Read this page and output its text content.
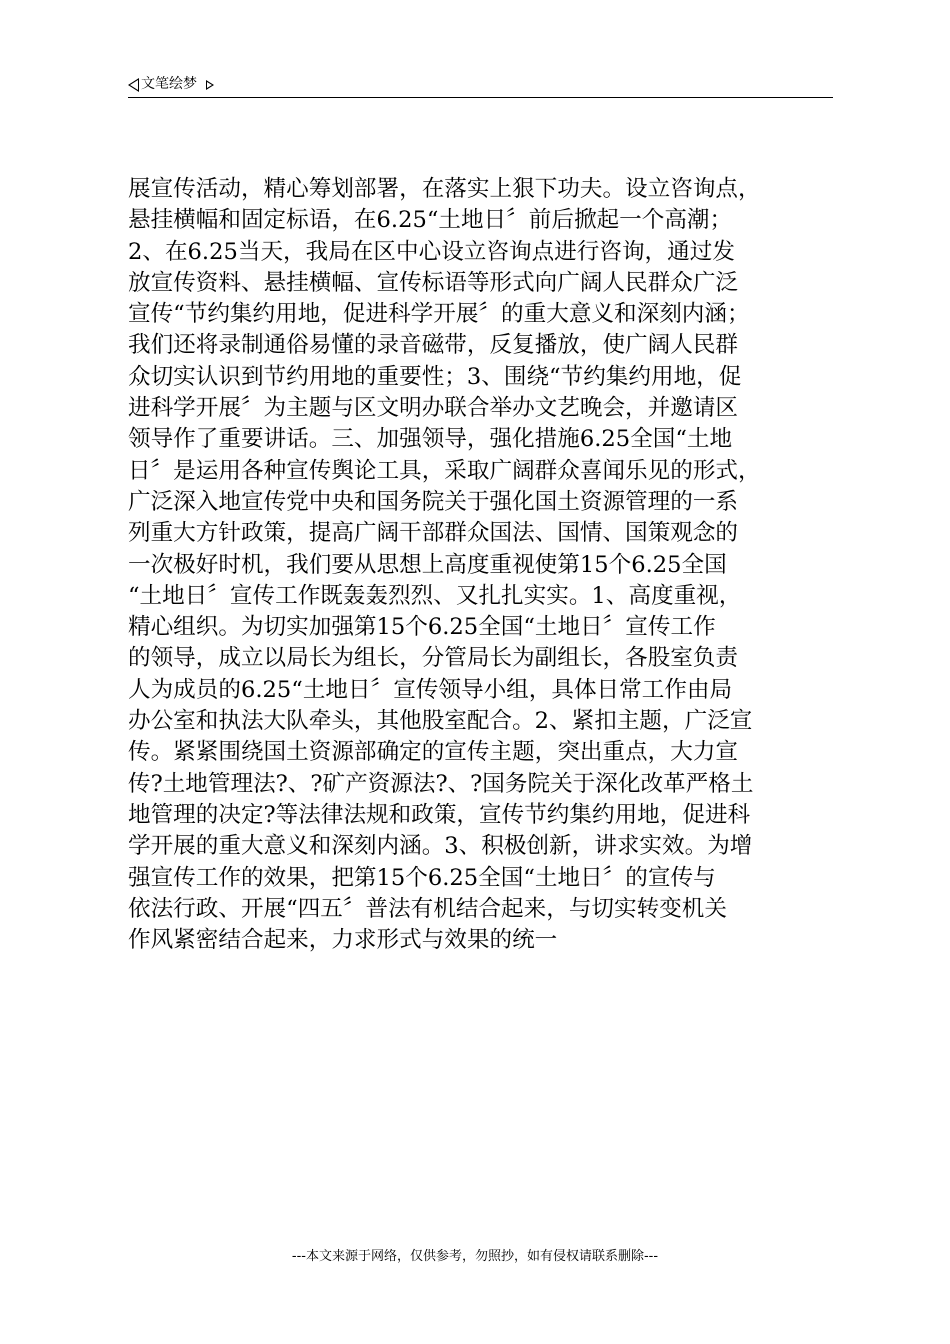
文笔绘梦
展宣传活动，精心筹划部署，在落实上狠下功夫。设立咨询点，
悬挂横幅和固定标语，在6.25“土地日〞前后掀起一个高潮；
2、在6.25当天，我局在区中心设立咨询点进行咨询，通过发
放宣传资料、悬挂横幅、宣传标语等形式向广阔人民群众广泛
宣传“节约集约用地，促进科学开展〞的重大意义和深刻内涵；
我们还将录制通俗易懂的录音磁带，反复播放，使广阔人民群
众切实认识到节约用地的重要性；3、围绕“节约集约用地，促
进科学开展〞为主题与区文明办联合举办文艺晚会，并邀请区
领导作了重要讲话。三、加强领导，强化措施6.25全国“土地
日〞是运用各种宣传舆论工具，采取广阔群众喜闻乐见的形式，
广泛深入地宣传党中央和国务院关于强化国土资源管理的一系
列重大方针政策，提高广阔干部群众国法、国情、国策观念的
一次极好时机，我们要从思想上高度重视使第15个6.25全国
“土地日〞宣传工作既轰轰烈烈、又扎扎实实。1、高度重视，
精心组织。为切实加强第15个6.25全国“土地日〞宣传工作
的领导，成立以局长为组长，分管局长为副组长，各股室负责
人为成员的6.25“土地日〞宣传领导小组，具体日常工作由局
办公室和执法大队牵头，其他股室配合。2、紧扣主题，广泛宣
传。紧紧围绕国土资源部确定的宣传主题，突出重点，大力宣
传?土地管理法?、?矿产资源法?、?国务院关于深化改革严格土
地管理的决定?等法律法规和政策，宣传节约集约用地，促进科
学开展的重大意义和深刻内涵。3、积极创新，讲求实效。为增
强宣传工作的效果，把第15个6.25全国“土地日〞的宣传与
依法行政、开展“四五〞普法有机结合起来，与切实转变机关
作风紧密结合起来，力求形式与效果的统一
---本文来源于网络，仅供参考，勿照抄，如有侵权请联系删除---
